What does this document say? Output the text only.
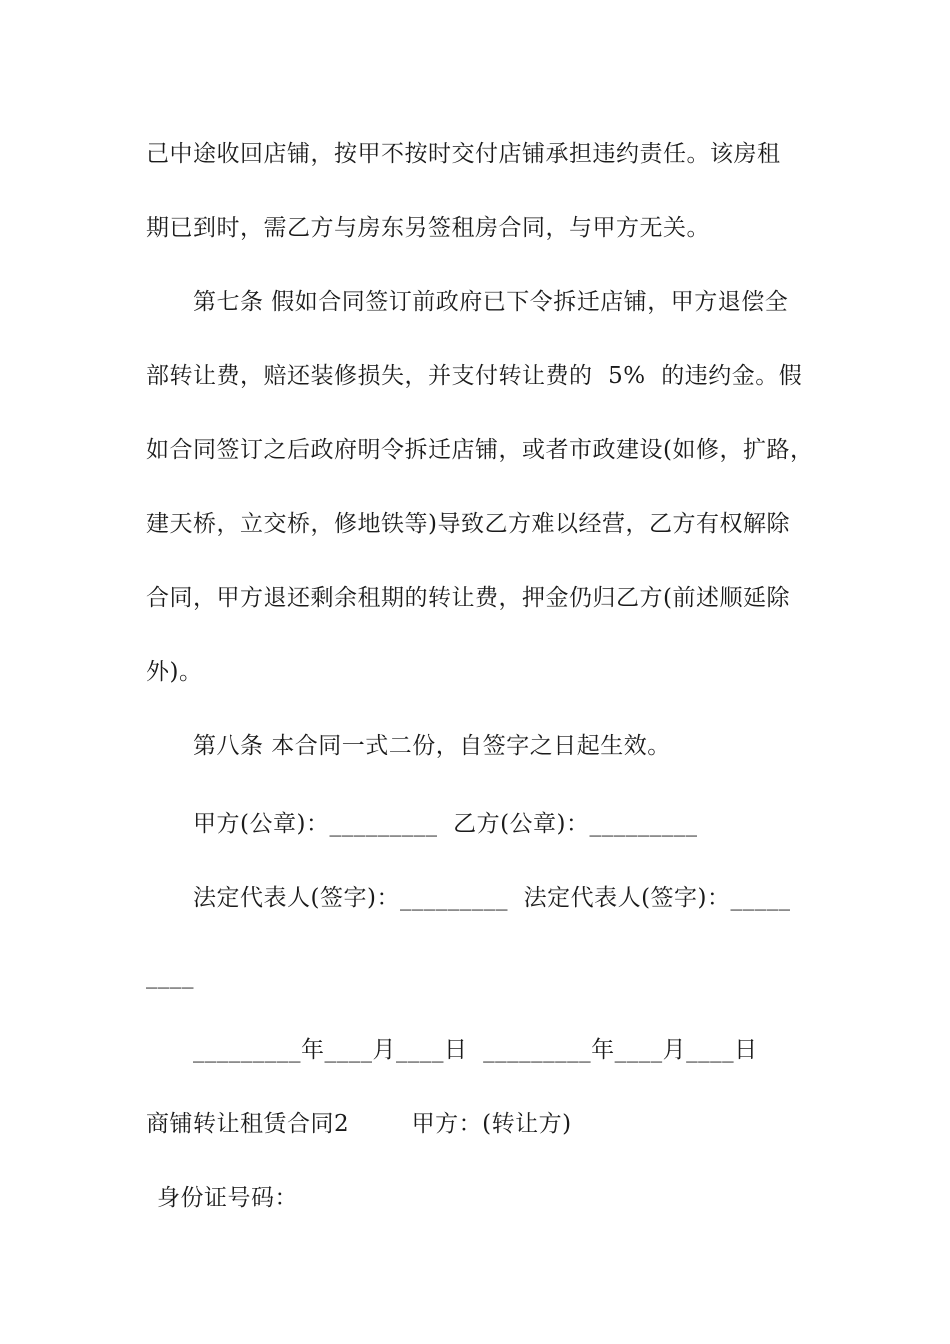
己中途收回店铺，按甲不按时交付店铺承担违约责任。该房租
期已到时，需乙方与房东另签租房合同，与甲方无关。
第七条 假如合同签订前政府已下令拆迁店铺，甲方退偿全
部转让费，赔还装修损失，并支付转让费的  5%  的违约金。假
如合同签订之后政府明令拆迁店铺，或者市政建设(如修，扩路，
建天桥，立交桥，修地铁等)导致乙方难以经营，乙方有权解除
合同，甲方退还剩余租期的转让费，押金仍归乙方(前述顺延除
外)。
第八条 本合同一式二份，自签字之日起生效。
甲方(公章)：_________  乙方(公章)：_________
法定代表人(签字)：_________  法定代表人(签字)：_____
____
_________年____月____日  _________年____月____日
商铺转让租赁合同2        甲方：(转让方)
身份证号码：
